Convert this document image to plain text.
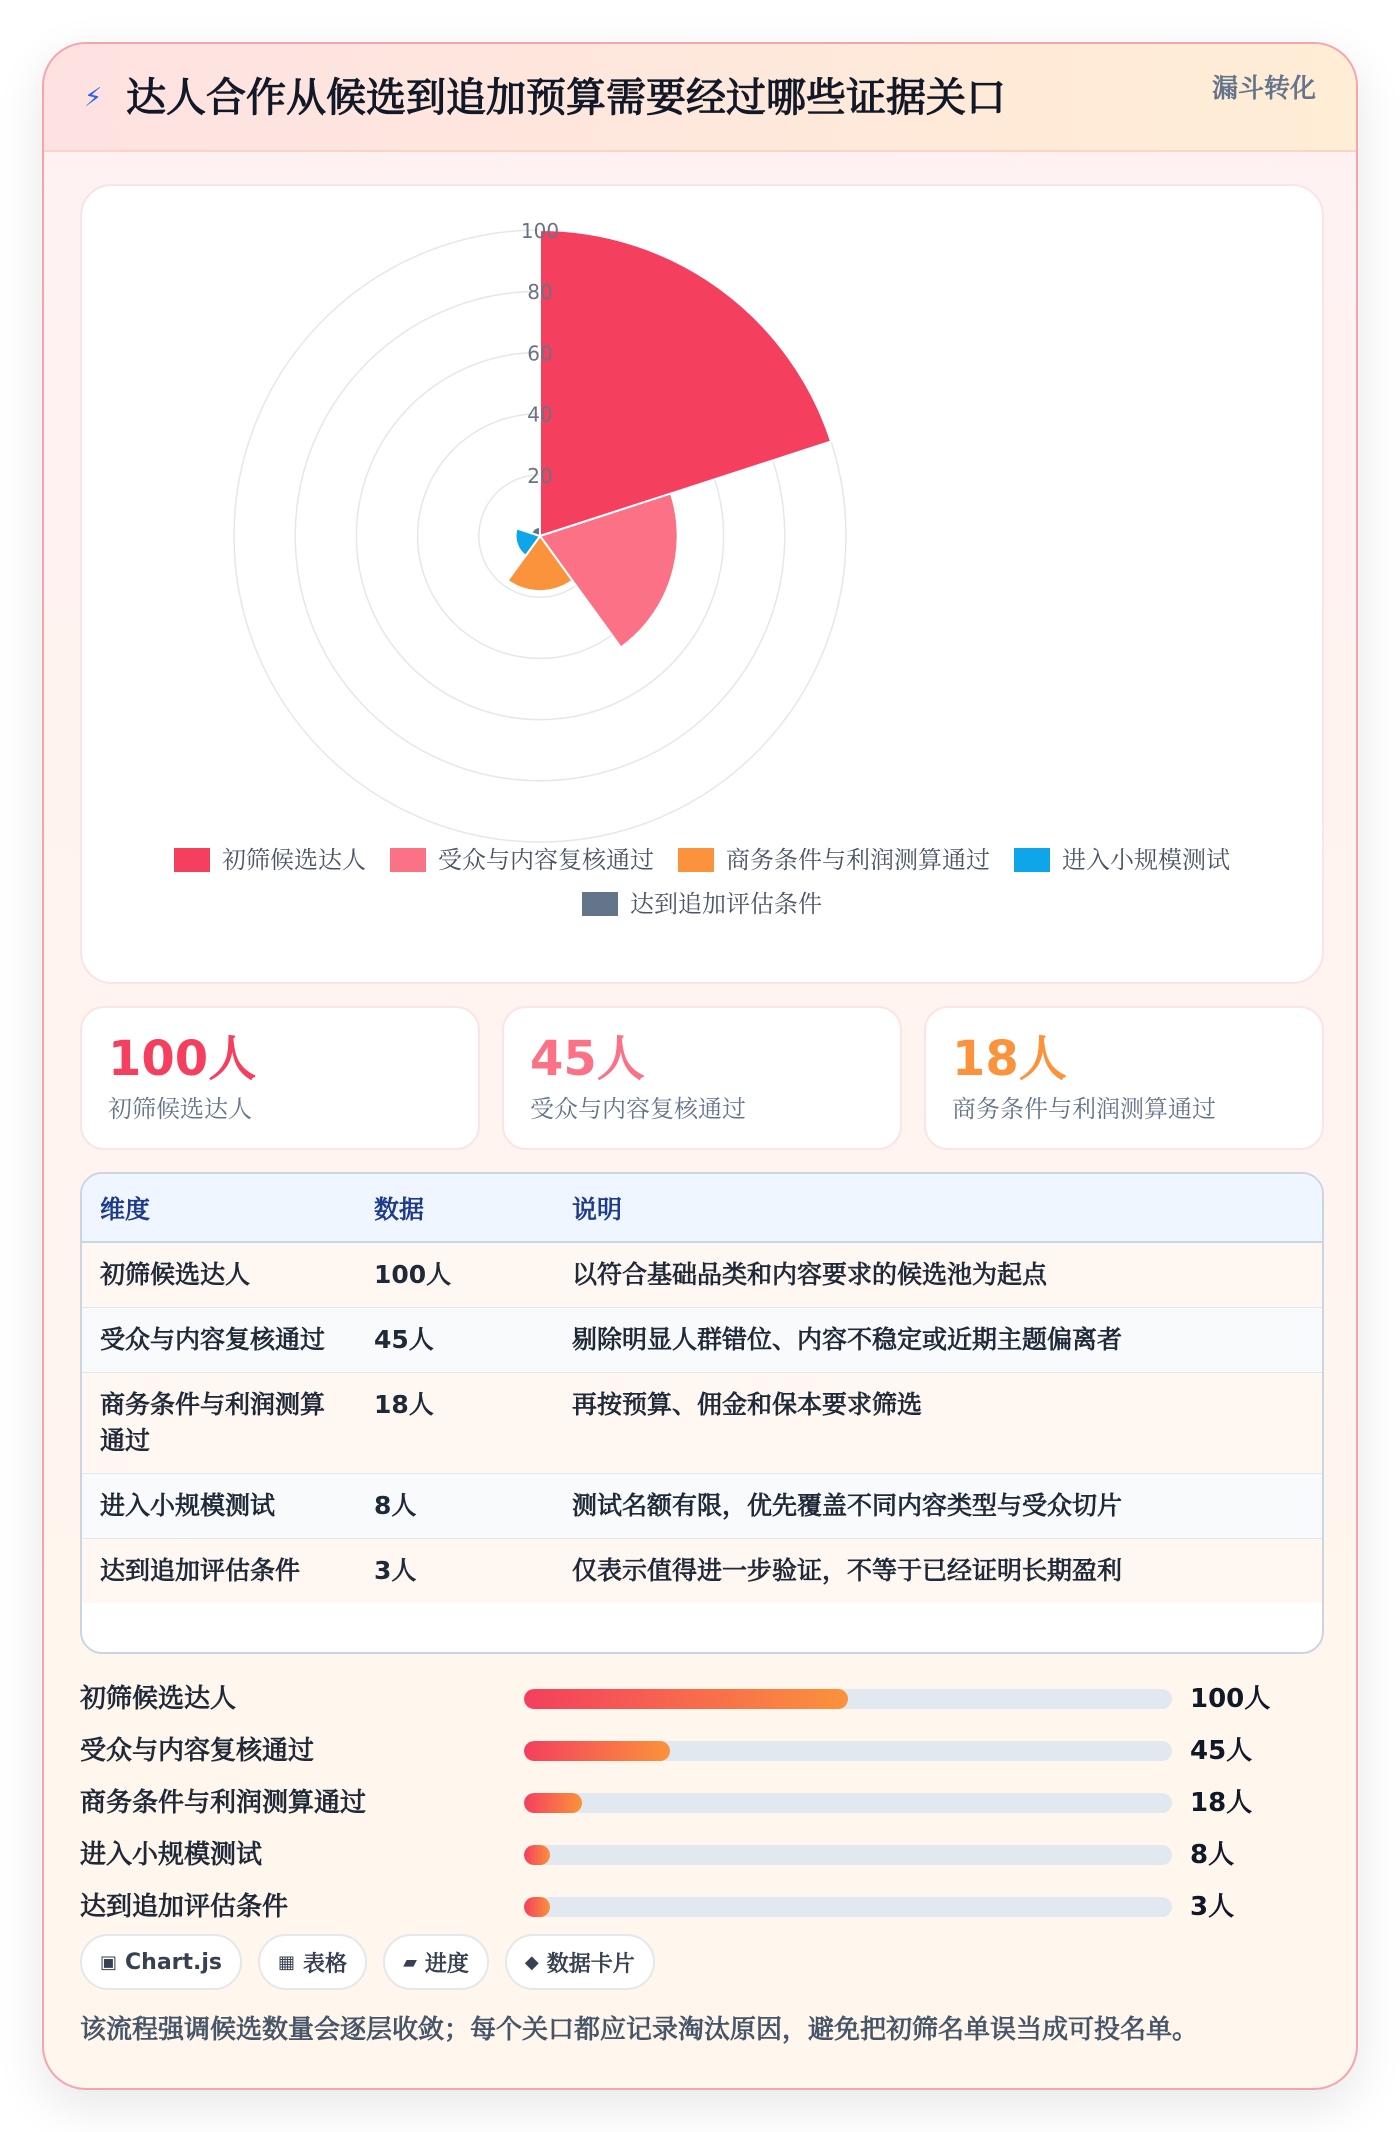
⚡ 达人合作从候选到追加预算需要经过哪些证据关口	漏斗转化
20
40
60
80
100
初筛候选达人	受众与内容复核通过	商务条件与利润测算通过	进入小规模测试
达到追加评估条件
100人
初筛候选达人
45人
受众与内容复核通过
18人
商务条件与利润测算通过
维度	数据	说明
初筛候选达人	100人	以符合基础品类和内容要求的候选池为起点
受众与内容复核通过	45人	剔除明显人群错位、内容不稳定或近期主题偏离者
商务条件与利润测算通过	18人	再按预算、佣金和保本要求筛选
进入小规模测试	8人	测试名额有限，优先覆盖不同内容类型与受众切片
达到追加评估条件	3人	仅表示值得进一步验证，不等于已经证明长期盈利
初筛候选达人	100人
受众与内容复核通过	45人
商务条件与利润测算通过	18人
进入小规模测试	8人
达到追加评估条件	3人
▣ Chart.js	▦ 表格	▰ 进度	◆ 数据卡片
该流程强调候选数量会逐层收敛；每个关口都应记录淘汰原因，避免把初筛名单误当成可投名单。
